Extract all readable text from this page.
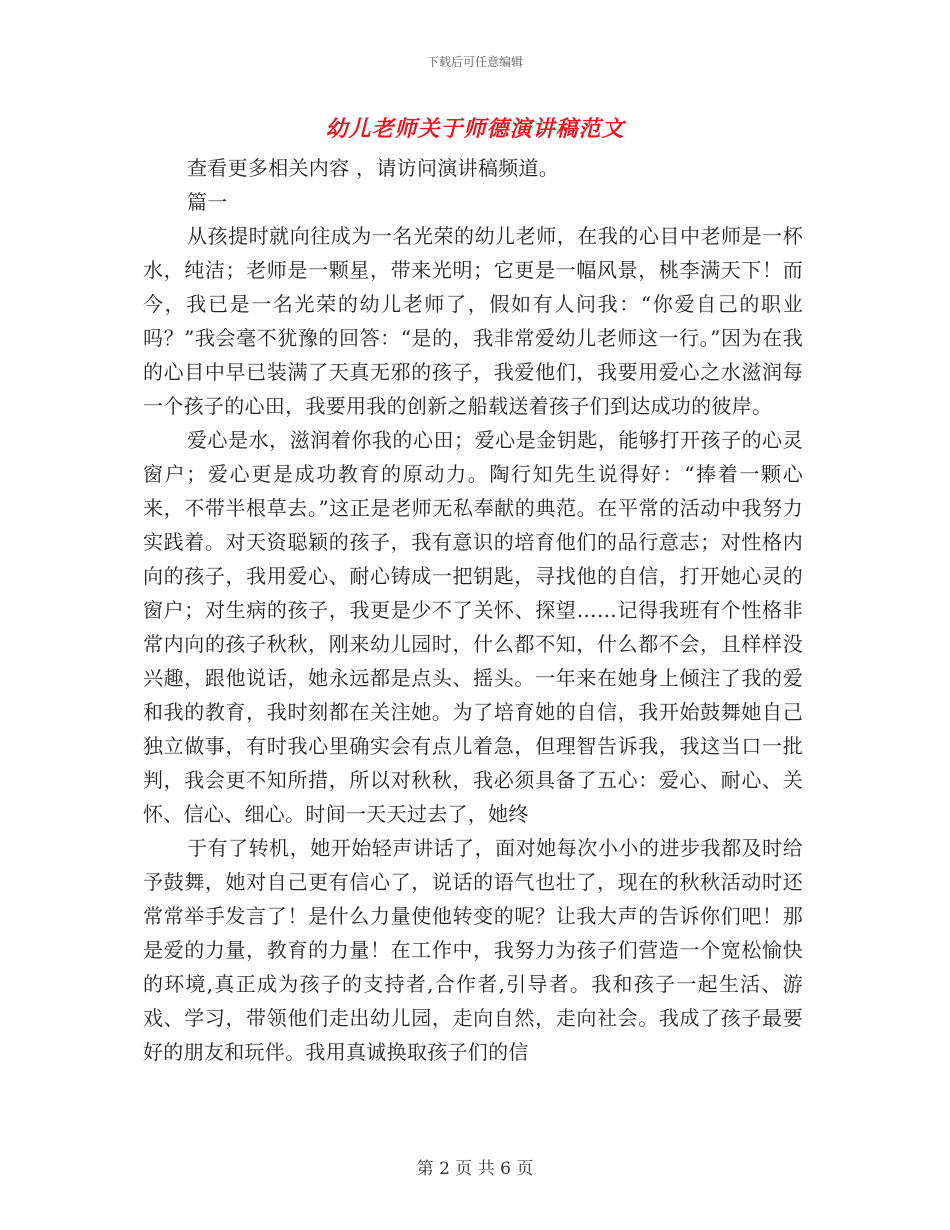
下载后可任意编辑
幼儿老师关于师德演讲稿范文

查看更多相关内容 ，请访问演讲稿频道。

篇一

从孩提时就向往成为一名光荣的幼儿老师，在我的心目中老师是一杯水，纯洁；老师是一颗星，带来光明；它更是一幅风景，桃李满天下！而今，我已是一名光荣的幼儿老师了，假如有人问我：“你爱自己的职业吗？”我会毫不犹豫的回答：“是的，我非常爱幼儿老师这一行。”因为在我的心目中早已装满了天真无邪的孩子，我爱他们，我要用爱心之水滋润每一个孩子的心田，我要用我的创新之船载送着孩子们到达成功的彼岸。

爱心是水，滋润着你我的心田；爱心是金钥匙，能够打开孩子的心灵窗户；爱心更是成功教育的原动力。陶行知先生说得好：“捧着一颗心来，不带半根草去。”这正是老师无私奉献的典范。在平常的活动中我努力实践着。对天资聪颖的孩子，我有意识的培育他们的品行意志；对性格内向的孩子，我用爱心、耐心铸成一把钥匙，寻找他的自信，打开她心灵的窗户；对生病的孩子，我更是少不了关怀、探望……记得我班有个性格非常内向的孩子秋秋，刚来幼儿园时，什么都不知，什么都不会，且样样没兴趣，跟他说话，她永远都是点头、摇头。一年来在她身上倾注了我的爱和我的教育，我时刻都在关注她。为了培育她的自信，我开始鼓舞她自己独立做事，有时我心里确实会有点儿着急，但理智告诉我，我这当口一批判，我会更不知所措，所以对秋秋，我必须具备了五心：爱心、耐心、关怀、信心、细心。时间一天天过去了，她终

于有了转机，她开始轻声讲话了，面对她每次小小的进步我都及时给予鼓舞，她对自己更有信心了，说话的语气也壮了，现在的秋秋活动时还常常举手发言了！是什么力量使他转变的呢？让我大声的告诉你们吧！那是爱的力量，教育的力量！在工作中，我努力为孩子们营造一个宽松愉快的环境,真正成为孩子的支持者,合作者,引导者。我和孩子一起生活、游戏、学习，带领他们走出幼儿园，走向自然，走向社会。我成了孩子最要好的朋友和玩伴。我用真诚换取孩子们的信

第 2 页 共 6 页
